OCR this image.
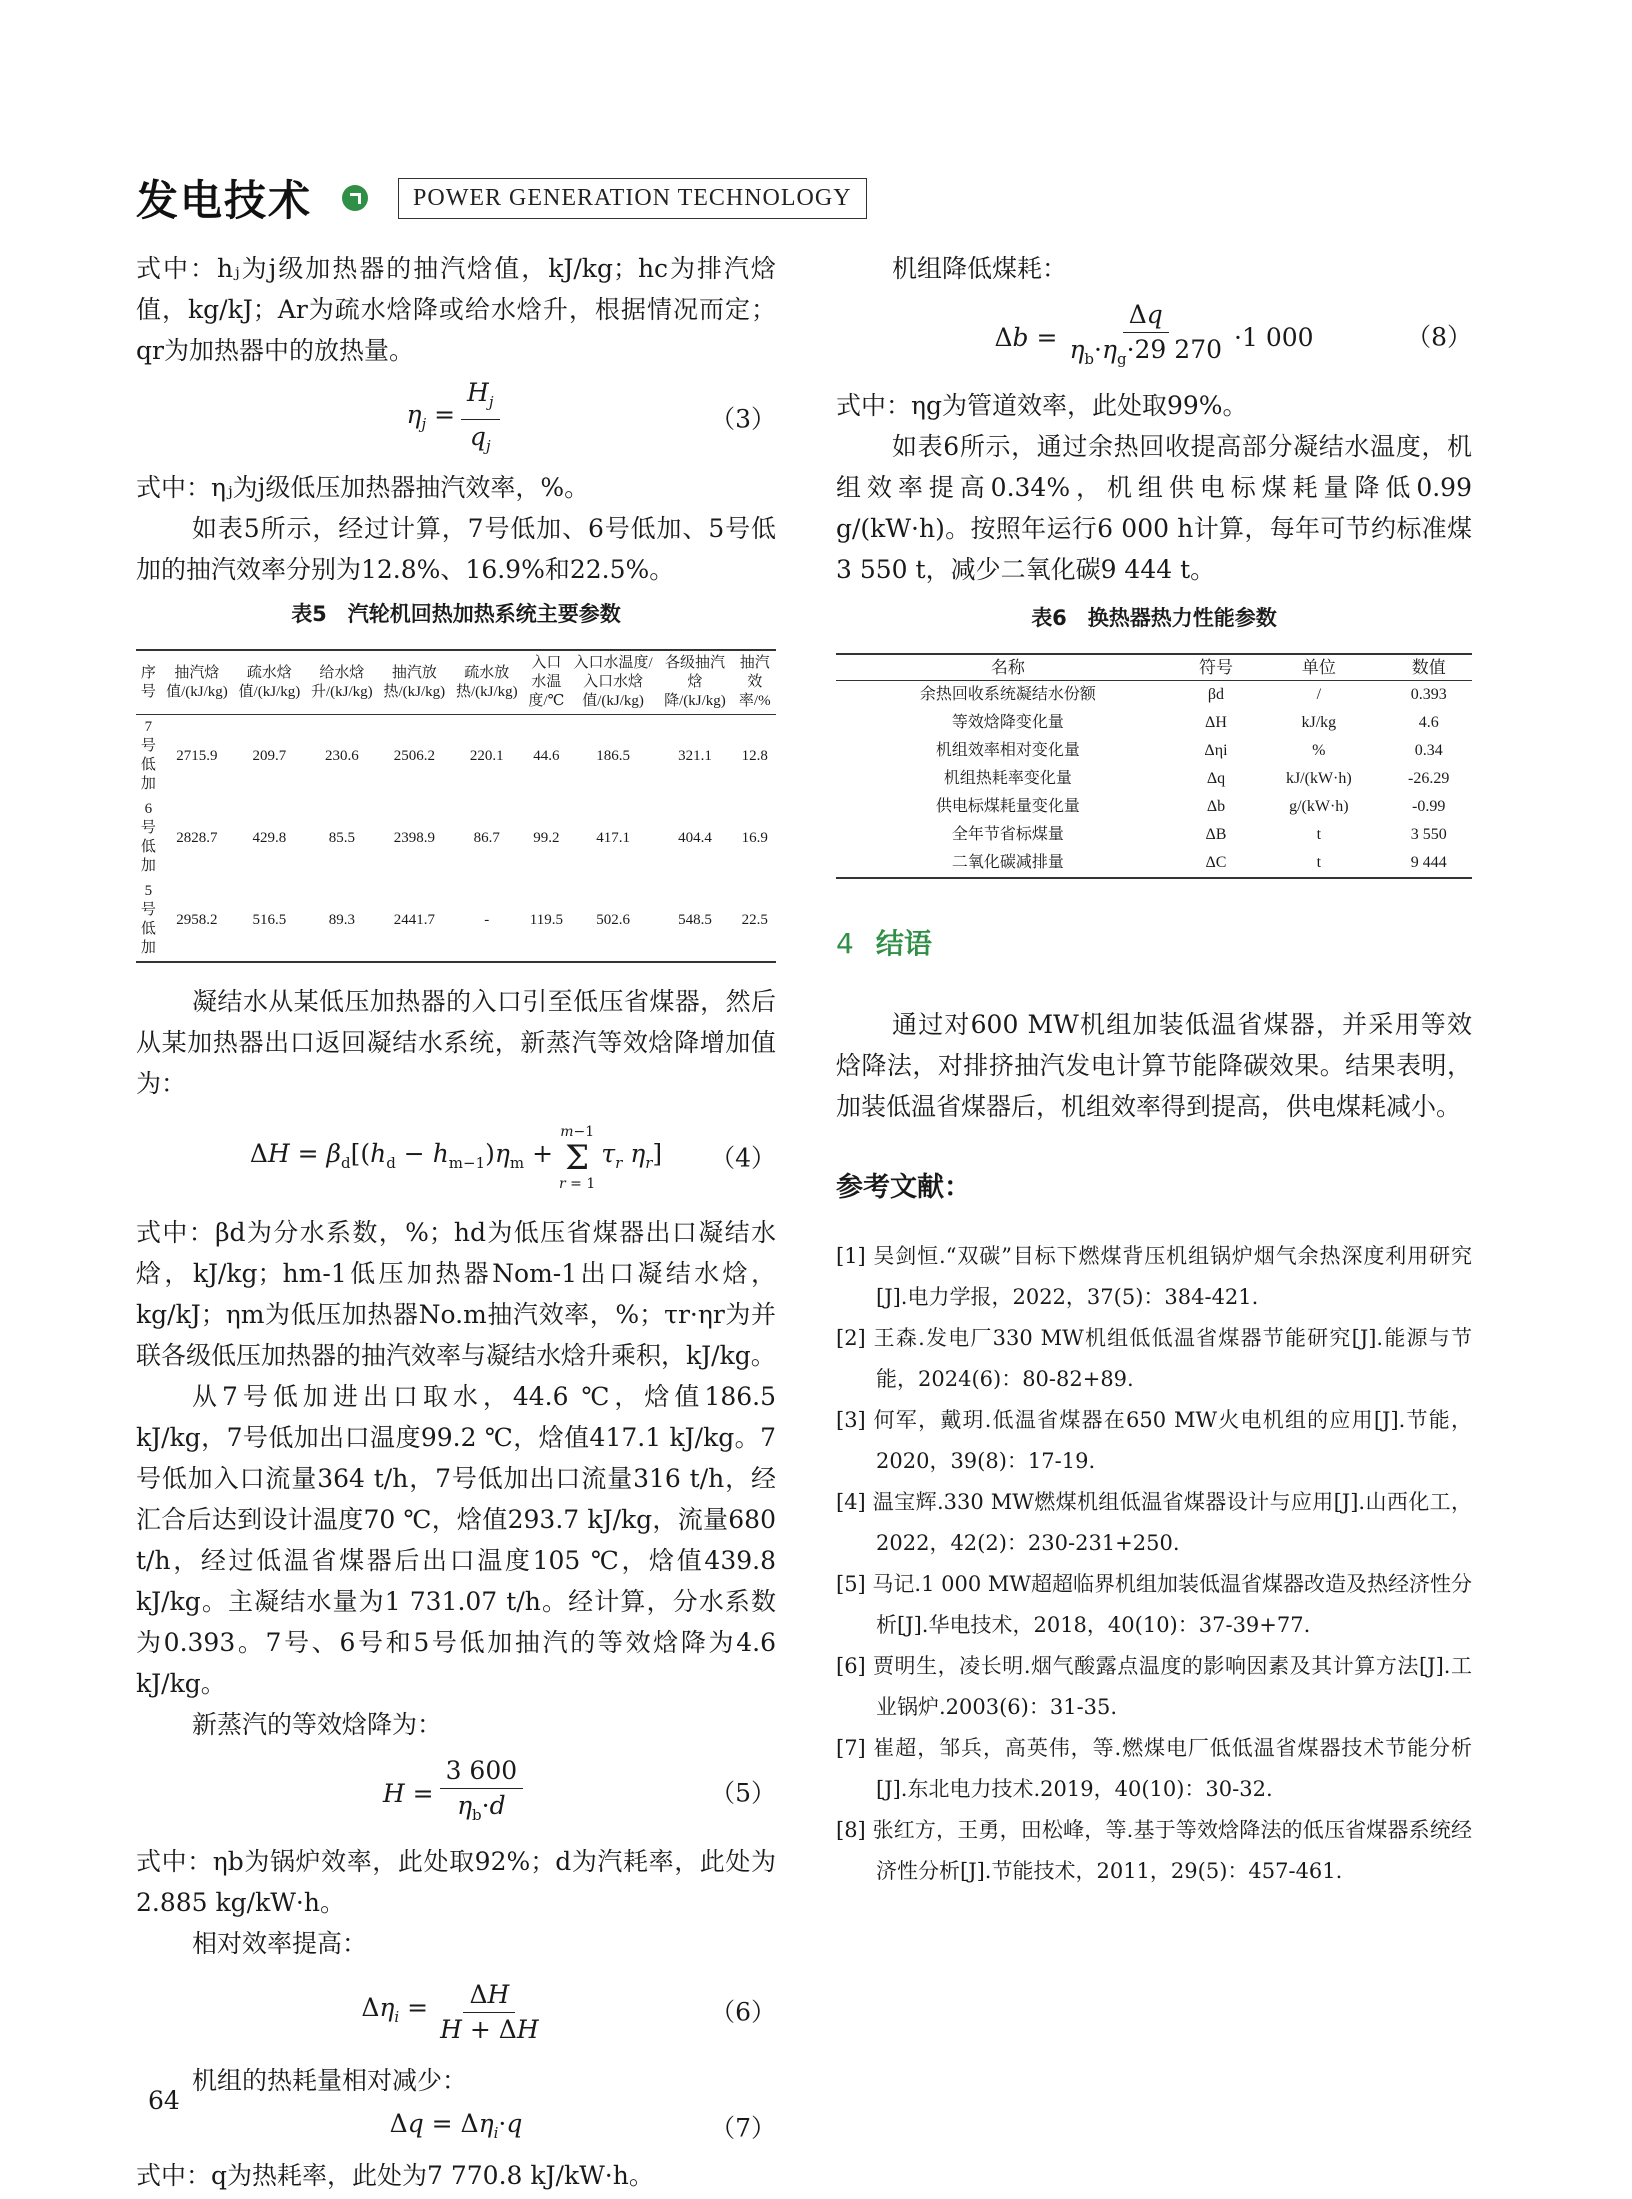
发电技术	POWER GENERATION TECHNOLOGY

式中：hⱼ为j级加热器的抽汽焓值，kJ/kg；hc为排汽焓值，kg/kJ；Ar为疏水焓降或给水焓升，根据情况而定；qr为加热器中的放热量。

$\eta_j = \frac{H_j}{q_j}$	（3）

式中：ηⱼ为j级低压加热器抽汽效率，%。

如表5所示，经过计算，7号低加、6号低加、5号低加的抽汽效率分别为12.8%、16.9%和22.5%。

表5　汽轮机回热加热系统主要参数
序号	抽汽焓值/(kJ/kg)	疏水焓值/(kJ/kg)	给水焓升/(kJ/kg)	抽汽放热/(kJ/kg)	疏水放热/(kJ/kg)	入口水温度/℃	入口水温度/入口水焓值/(kJ/kg)	各级抽汽焓降/(kJ/kg)	抽汽效率/%
7号低加	2715.9	209.7	230.6	2506.2	220.1	44.6	186.5	321.1	12.8
6号低加	2828.7	429.8	85.5	2398.9	86.7	99.2	417.1	404.4	16.9
5号低加	2958.2	516.5	89.3	2441.7	-	119.5	502.6	548.5	22.5

凝结水从某低压加热器的入口引至低压省煤器，然后从某加热器出口返回凝结水系统，新蒸汽等效焓降增加值为：

$\Delta H = \beta_d[(h_d - h_{m-1})\eta_m$ +
m−1
Σ
r = 1
$\tau_r$ $\eta_r$] （4）

式中：βd为分水系数，%；hd为低压省煤器出口凝结水焓，kJ/kg；hm-1低压加热器Nom-1出口凝结水焓，kg/kJ；ηm为低压加热器No.m抽汽效率，%；τr·ηr为并联各级低压加热器的抽汽效率与凝结水焓升乘积，kJ/kg。

从7号低加进出口取水，44.6 ℃，焓值186.5 kJ/kg，7号低加出口温度99.2 ℃，焓值417.1 kJ/kg。7号低加入口流量364 t/h，7号低加出口流量316 t/h，经汇合后达到设计温度70 ℃，焓值293.7 kJ/kg，流量680 t/h，经过低温省煤器后出口温度105 ℃，焓值439.8 kJ/kg。主凝结水量为1 731.07 t/h。经计算，分水系数为0.393。7号、6号和5号低加抽汽的等效焓降为4.6 kJ/kg。

新蒸汽的等效焓降为：

$H = \frac{3 600}{\eta_b\cdot d}$	（5）

式中：ηb为锅炉效率，此处取92%；d为汽耗率，此处为2.885 kg/kW·h。

相对效率提高：

$\Delta\eta_i = \frac{\Delta H}{H + \Delta H}$	（6）

机组的热耗量相对减少：

$\Delta q = \Delta\eta_i\cdot q$	（7）

式中：q为热耗率，此处为7 770.8 kJ/kW·h。

机组降低煤耗：

$\Delta b = \frac{\Delta q}{\eta_b\cdot\eta_g\cdot 29 270} \cdot 1$ 000	（8）

式中：ηg为管道效率，此处取99%。

如表6所示，通过余热回收提高部分凝结水温度，机组效率提高0.34%，机组供电标煤耗量降低0.99 g/(kW·h)。按照年运行6 000 h计算，每年可节约标准煤3 550 t，减少二氧化碳9 444 t。

表6　换热器热力性能参数
名称	符号	单位	数值
余热回收系统凝结水份额	βd	/	0.393
等效焓降变化量	ΔH	kJ/kg	4.6
机组效率相对变化量	Δηi	%	0.34
机组热耗率变化量	Δq	kJ/(kW·h)	-26.29
供电标煤耗量变化量	Δb	g/(kW·h)	-0.99
全年节省标煤量	ΔB	t	3 550
二氧化碳减排量	ΔC	t	9 444
4 结语

通过对600 MW机组加装低温省煤器，并采用等效焓降法，对排挤抽汽发电计算节能降碳效果。结果表明，加装低温省煤器后，机组效率得到提高，供电煤耗减小。

参考文献：
[1] 吴剑恒.“双碳”目标下燃煤背压机组锅炉烟气余热深度利用研究[J].电力学报，2022，37(5)：384-421.
[2] 王森.发电厂330 MW机组低低温省煤器节能研究[J].能源与节能，2024(6)：80-82+89.
[3] 何军，戴玥.低温省煤器在650 MW火电机组的应用[J].节能，2020，39(8)：17-19.
[4] 温宝辉.330 MW燃煤机组低温省煤器设计与应用[J].山西化工，2022，42(2)：230-231+250.
[5] 马记.1 000 MW超超临界机组加装低温省煤器改造及热经济性分析[J].华电技术，2018，40(10)：37-39+77.
[6] 贾明生，凌长明.烟气酸露点温度的影响因素及其计算方法[J].工业锅炉.2003(6)：31-35.
[7] 崔超，邹兵，高英伟，等.燃煤电厂低低温省煤器技术节能分析[J].东北电力技术.2019，40(10)：30-32.
[8] 张红方，王勇，田松峰，等.基于等效焓降法的低压省煤器系统经济性分析[J].节能技术，2011，29(5)：457-461.
64
